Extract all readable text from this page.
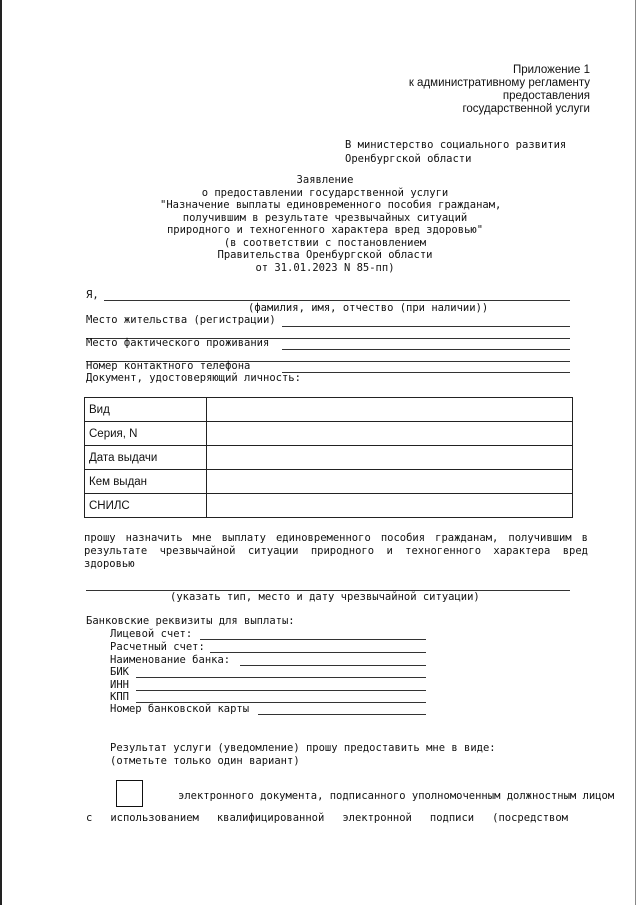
Приложение 1
к административному регламенту
предоставления
государственной услуги
В министерство социального развития
Оренбургской области
Заявление
о предоставлении государственной услуги
"Назначение выплаты единовременного пособия гражданам,
получившим в результате чрезвычайных ситуаций
природного и техногенного характера вред здоровью"
(в соответствии с постановлением
Правительства Оренбургской области
от 31.01.2023 N 85-пп)
Я,
(фамилия, имя, отчество (при наличии))
Место жительства (регистрации)
Место фактического проживания
Номер контактного телефона
Документ, удостоверяющий личность:
Вид	
Серия, N	
Дата выдачи	
Кем выдан	
СНИЛС	
прошу назначить мне выплату единовременного пособия гражданам, получившим в результате чрезвычайной ситуации природного и техногенного характера вред здоровью
(указать тип, место и дату чрезвычайной ситуации)
Банковские реквизиты для выплаты:
Лицевой счет:
Расчетный счет:
Наименование банка:
БИК
ИНН
КПП
Номер банковской карты
Результат услуги (уведомление) прошу предоставить мне в виде:
(отметьте только один вариант)
электронного документа, подписанного уполномоченным должностным лицом
с использованием квалифицированной электронной подписи (посредством
